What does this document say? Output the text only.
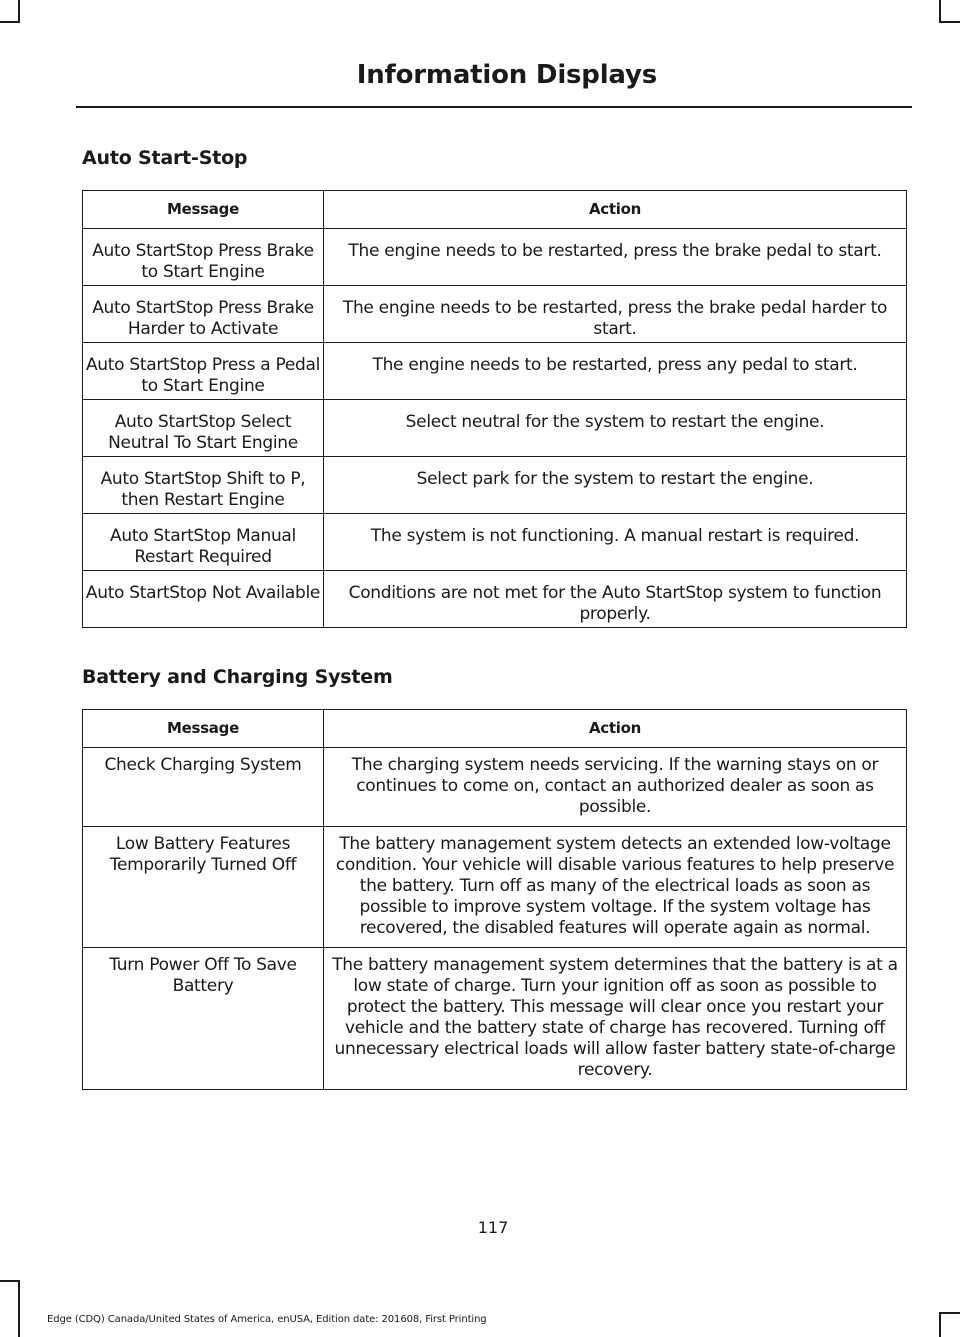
Information Displays
Auto Start-Stop
Message	Action
Auto StartStop Press Brake to Start Engine	The engine needs to be restarted, press the brake pedal to start.
Auto StartStop Press Brake Harder to Activate	The engine needs to be restarted, press the brake pedal harder to start.
Auto StartStop Press a Pedal to Start Engine	The engine needs to be restarted, press any pedal to start.
Auto StartStop Select Neutral To Start Engine	Select neutral for the system to restart the engine.
Auto StartStop Shift to P, then Restart Engine	Select park for the system to restart the engine.
Auto StartStop Manual Restart Required	The system is not functioning. A manual restart is required.
Auto StartStop Not Available	Conditions are not met for the Auto StartStop system to function properly.
Battery and Charging System
Message	Action
Check Charging System	The charging system needs servicing. If the warning stays on or continues to come on, contact an authorized dealer as soon as possible.
Low Battery Features Temporarily Turned Off	The battery management system detects an extended low-voltage condition. Your vehicle will disable various features to help preserve the battery. Turn off as many of the electrical loads as soon as possible to improve system voltage. If the system voltage has recovered, the disabled features will operate again as normal.
Turn Power Off To Save Battery	The battery management system determines that the battery is at a low state of charge. Turn your ignition off as soon as possible to protect the battery. This message will clear once you restart your vehicle and the battery state of charge has recovered. Turning off unnecessary electrical loads will allow faster battery state-of-charge recovery.
117
Edge (CDQ) Canada/United States of America, enUSA, Edition date: 201608, First Printing
